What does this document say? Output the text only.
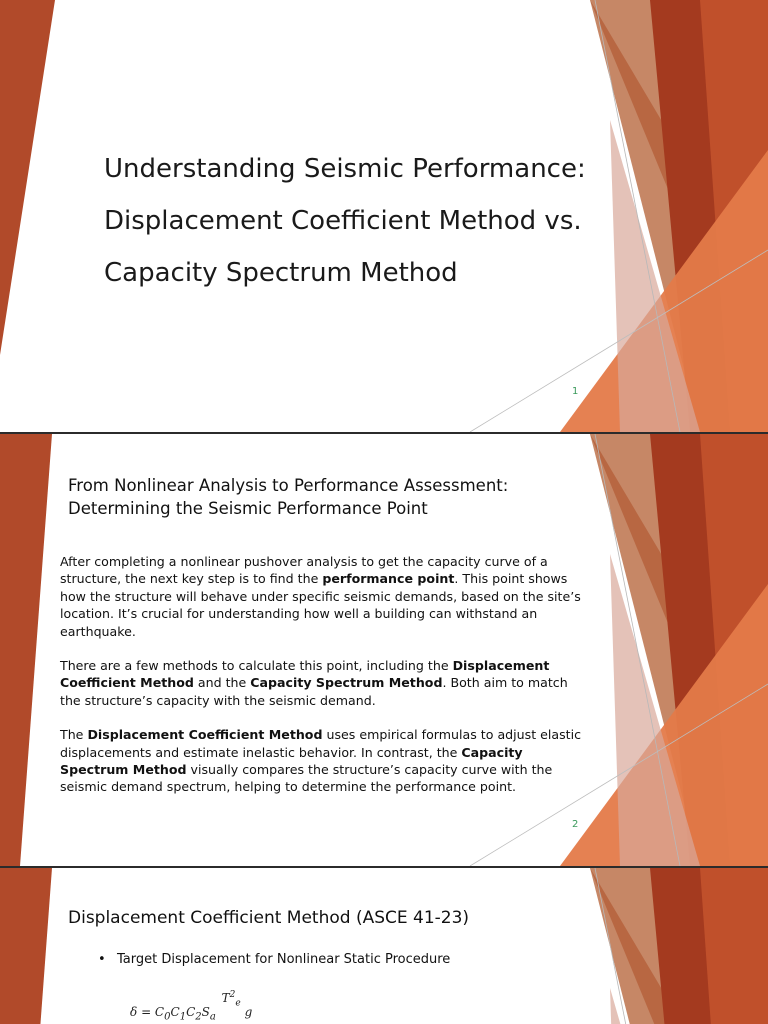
Understanding Seismic Performance:
Displacement Coefficient Method vs.
Capacity Spectrum Method
1
From Nonlinear Analysis to Performance Assessment:
Determining the Seismic Performance Point

After completing a nonlinear pushover analysis to get the capacity curve of a structure, the next key step is to find the performance point. This point shows how the structure will behave under specific seismic demands, based on the site’s location. It’s crucial for understanding how well a building can withstand an earthquake.

There are a few methods to calculate this point, including the Displacement Coefficient Method and the Capacity Spectrum Method. Both aim to match the structure’s capacity with the seismic demand.

The Displacement Coefficient Method uses empirical formulas to adjust elastic displacements and estimate inelastic behavior. In contrast, the Capacity Spectrum Method visually compares the structure’s capacity curve with the seismic demand spectrum, helping to determine the performance point.

2
Displacement Coefficient Method (ASCE 41-23)
• Target Displacement for Nonlinear Static Procedure
$\delta = C_0C_1C_2S_a$ $T^2_e$ g
